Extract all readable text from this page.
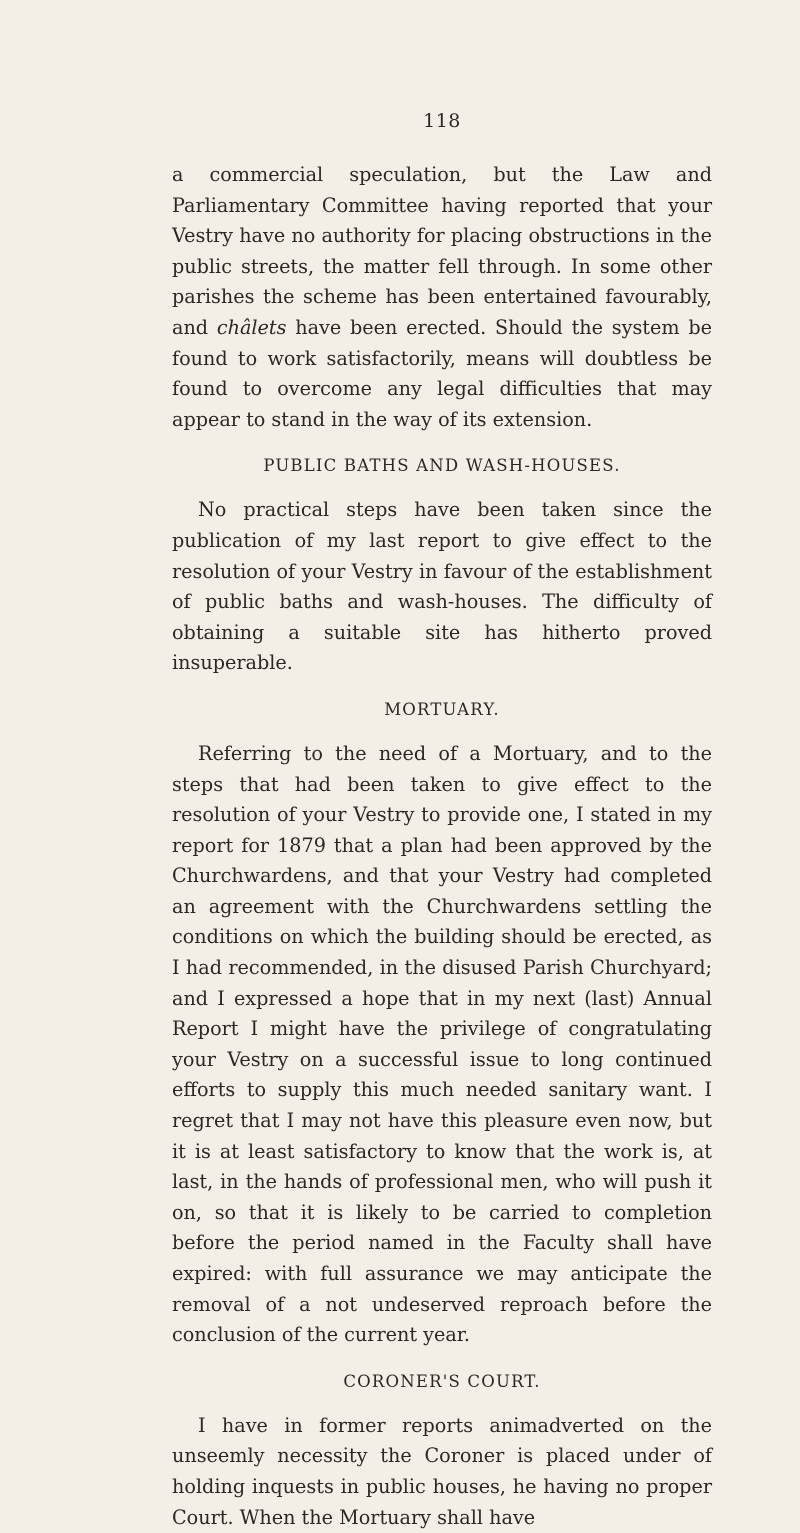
118

a commercial speculation, but the Law and Parliamentary Committee having reported that your Vestry have no authority for placing obstructions in the public streets, the matter fell through. In some other parishes the scheme has been entertained favourably, and châlets have been erected. Should the system be found to work satisfactorily, means will doubtless be found to overcome any legal difficulties that may appear to stand in the way of its extension.

PUBLIC BATHS AND WASH-HOUSES.

No practical steps have been taken since the publication of my last report to give effect to the resolution of your Vestry in favour of the establishment of public baths and wash-houses. The difficulty of obtaining a suitable site has hitherto proved insuperable.

MORTUARY.

Referring to the need of a Mortuary, and to the steps that had been taken to give effect to the resolution of your Vestry to provide one, I stated in my report for 1879 that a plan had been approved by the Churchwardens, and that your Vestry had completed an agreement with the Churchwardens settling the conditions on which the building should be erected, as I had recommended, in the disused Parish Churchyard; and I expressed a hope that in my next (last) Annual Report I might have the privilege of congratulating your Vestry on a successful issue to long continued efforts to supply this much needed sanitary want. I regret that I may not have this pleasure even now, but it is at least satisfactory to know that the work is, at last, in the hands of professional men, who will push it on, so that it is likely to be carried to completion before the period named in the Faculty shall have expired: with full assurance we may anticipate the removal of a not undeserved reproach before the conclusion of the current year.

CORONER'S COURT.

I have in former reports animadverted on the unseemly necessity the Coroner is placed under of holding inquests in public houses, he having no proper Court. When the Mortuary shall have
